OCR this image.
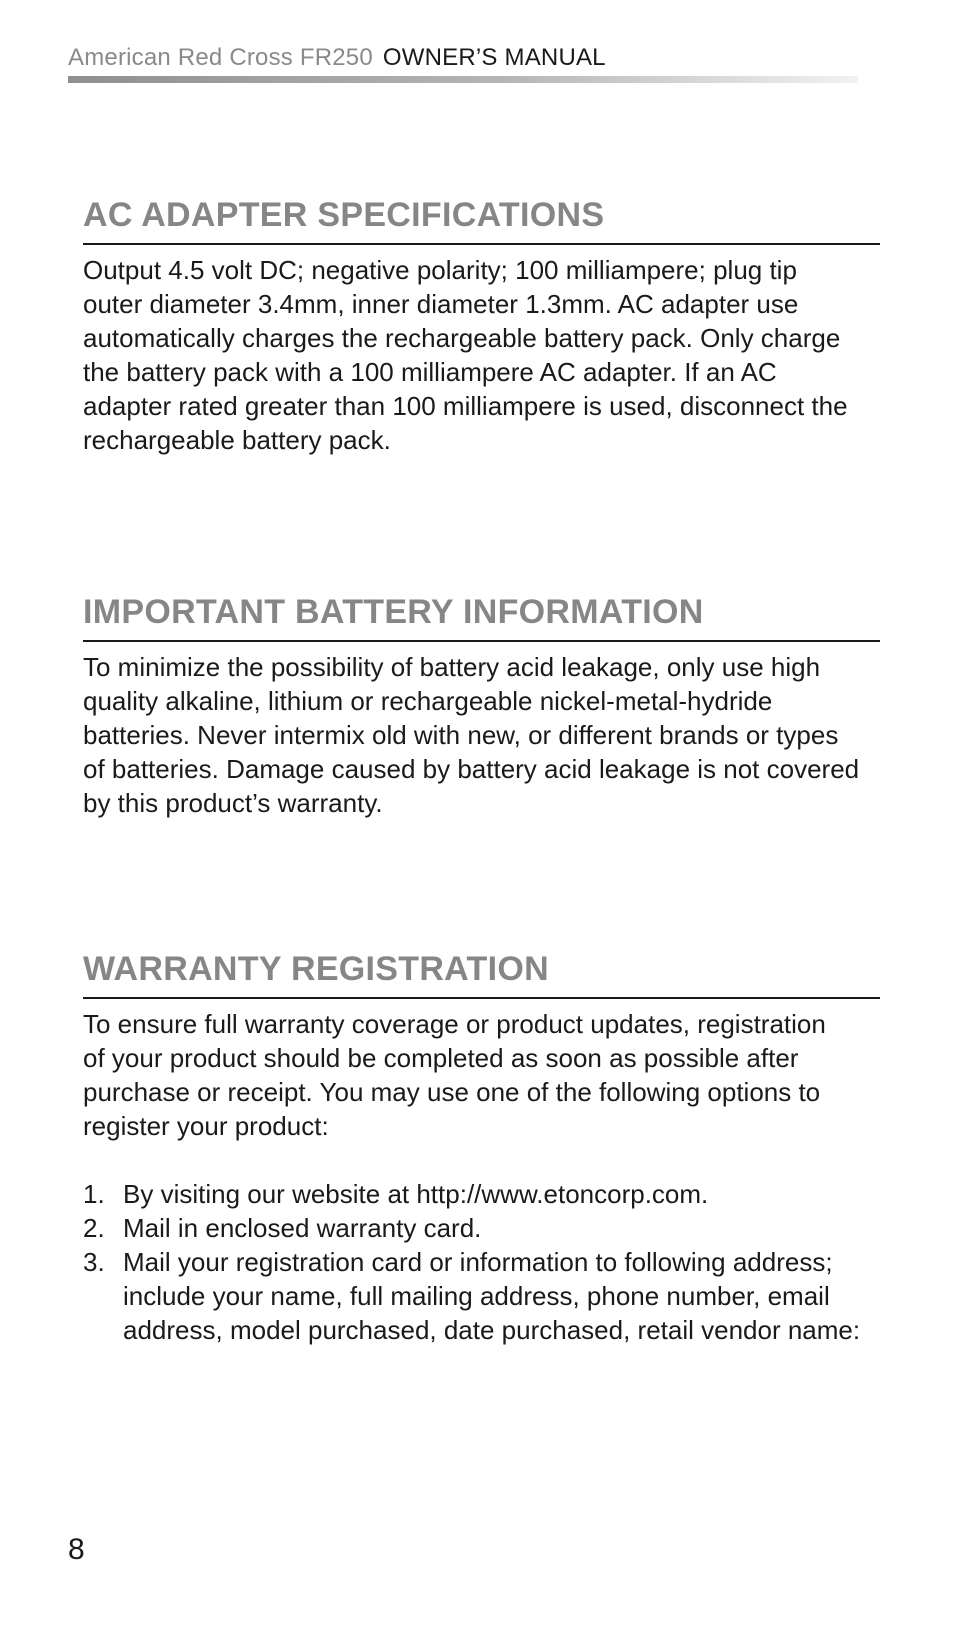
American Red Cross FR250 OWNER’S MANUAL
AC ADAPTER SPECIFICATIONS

Output 4.5 volt DC; negative polarity; 100 milliampere; plug tip
outer diameter 3.4mm, inner diameter 1.3mm. AC adapter use
automatically charges the rechargeable battery pack. Only charge
the battery pack with a 100 milliampere AC adapter. If an AC
adapter rated greater than 100 milliampere is used, disconnect the
rechargeable battery pack.

IMPORTANT BATTERY INFORMATION

To minimize the possibility of battery acid leakage, only use high
quality alkaline, lithium or rechargeable nickel-metal-hydride
batteries. Never intermix old with new, or different brands or types
of batteries. Damage caused by battery acid leakage is not covered
by this product’s warranty.

WARRANTY REGISTRATION

To ensure full warranty coverage or product updates, registration
of your product should be completed as soon as possible after
purchase or receipt. You may use one of the following options to
register your product:

1. By visiting our website at http://www.etoncorp.com.
2. Mail in enclosed warranty card.
3. Mail your registration card or information to following address;
include your name, full mailing address, phone number, email
address, model purchased, date purchased, retail vendor name:
8
